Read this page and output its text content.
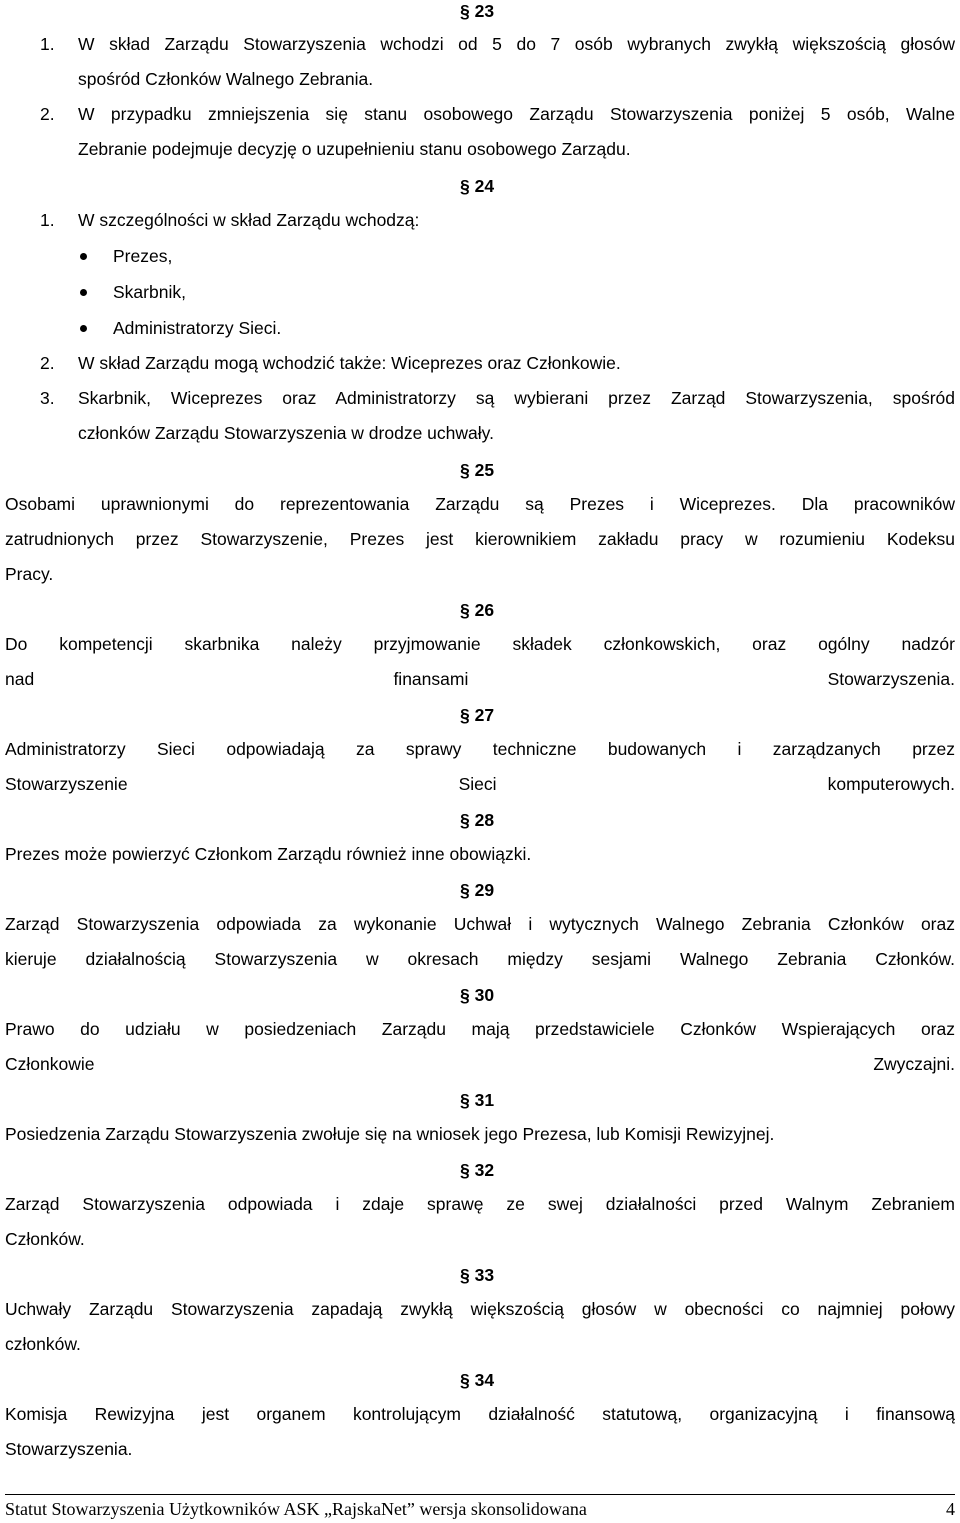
§ 23
1. W skład Zarządu Stowarzyszenia wchodzi od 5 do 7 osób wybranych zwykłą większością głosów
spośród Członków Walnego Zebrania.
2. W przypadku zmniejszenia się stanu osobowego Zarządu Stowarzyszenia poniżej 5 osób, Walne
Zebranie podejmuje decyzję o uzupełnieniu stanu osobowego Zarządu.
§ 24
1. W szczególności w skład Zarządu wchodzą:
Prezes,
Skarbnik,
Administratorzy Sieci.
2. W skład Zarządu mogą wchodzić także: Wiceprezes oraz Członkowie.
3. Skarbnik, Wiceprezes oraz Administratorzy są wybierani przez Zarząd Stowarzyszenia, spośród
członków Zarządu Stowarzyszenia w drodze uchwały.
§ 25
Osobami uprawnionymi do reprezentowania Zarządu są Prezes i Wiceprezes. Dla pracowników
zatrudnionych przez Stowarzyszenie, Prezes jest kierownikiem zakładu pracy w rozumieniu Kodeksu
Pracy.
§ 26
Do kompetencji skarbnika należy przyjmowanie składek członkowskich, oraz ogólny nadzór
nad finansami Stowarzyszenia.
§ 27
Administratorzy Sieci odpowiadają za sprawy techniczne budowanych i zarządzanych przez
Stowarzyszenie Sieci komputerowych.
§ 28
Prezes może powierzyć Członkom Zarządu również inne obowiązki.
§ 29
Zarząd Stowarzyszenia odpowiada za wykonanie Uchwał i wytycznych Walnego Zebrania Członków oraz
kieruje działalnością Stowarzyszenia w okresach między sesjami Walnego Zebrania Członków.
§ 30
Prawo do udziału w posiedzeniach Zarządu mają przedstawiciele Członków Wspierających oraz
Członkowie Zwyczajni.
§ 31
Posiedzenia Zarządu Stowarzyszenia zwołuje się na wniosek jego Prezesa, lub Komisji Rewizyjnej.
§ 32
Zarząd Stowarzyszenia odpowiada i zdaje sprawę ze swej działalności przed Walnym Zebraniem
Członków.
§ 33
Uchwały Zarządu Stowarzyszenia zapadają zwykłą większością głosów w obecności co najmniej połowy
członków.
§ 34
Komisja Rewizyjna jest organem kontrolującym działalność statutową, organizacyjną i finansową
Stowarzyszenia.
Statut Stowarzyszenia Użytkowników ASK „RajskaNet” wersja skonsolidowana	4
